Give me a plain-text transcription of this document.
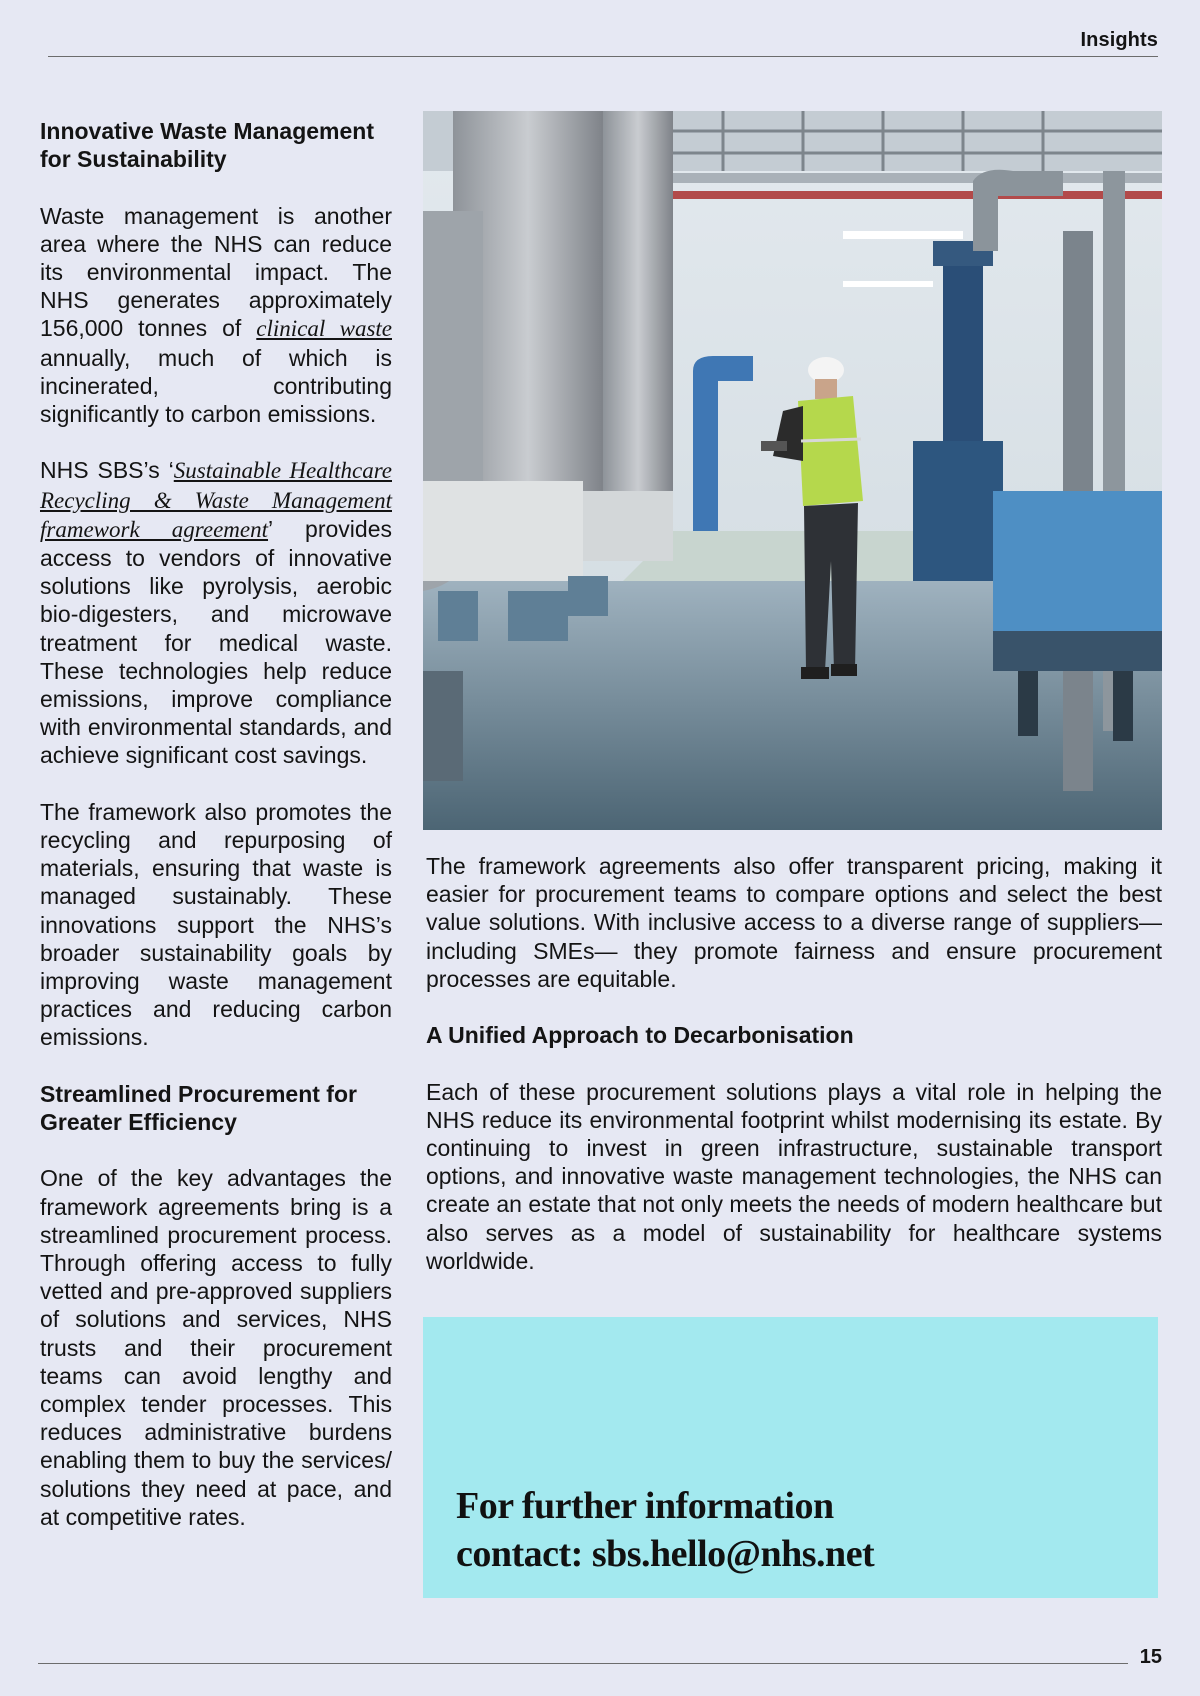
Insights
Innovative Waste Management for Sustainability

Waste management is another area where the NHS can reduce its environmental impact. The NHS generates approximately 156,000 tonnes of clinical waste annually, much of which is incinerated, contributing significantly to carbon emissions.

NHS SBS’s ‘Sustainable Healthcare Recycling & Waste Management framework agreement’ provides access to vendors of innovative solutions like pyrolysis, aerobic bio-digesters, and microwave treatment for medical waste. These technologies help reduce emissions, improve compliance with environmental standards, and achieve significant cost savings.

The framework also promotes the recycling and repurposing of materials, ensuring that waste is managed sustainably. These innovations support the NHS’s broader sustainability goals by improving waste management practices and reducing carbon emissions.

Streamlined Procurement for Greater Efficiency

One of the key advantages the framework agreements bring is a streamlined procurement process. Through offering access to fully vetted and pre-approved suppliers of solutions and services, NHS trusts and their procurement teams can avoid lengthy and complex tender processes. This reduces administrative burdens enabling them to buy the services/ solutions they need at pace, and at competitive rates.

The framework agreements also offer transparent pricing, making it easier for procurement teams to compare options and select the best value solutions. With inclusive access to a diverse range of suppliers—including SMEs— they promote fairness and ensure procurement processes are equitable.

A Unified Approach to Decarbonisation

Each of these procurement solutions plays a vital role in helping the NHS reduce its environmental footprint whilst modernising its estate. By continuing to invest in green infrastructure, sustainable transport options, and innovative waste management technologies, the NHS can create an estate that not only meets the needs of modern healthcare but also serves as a model of sustainability for healthcare systems worldwide.

For further information
contact: sbs.hello@nhs.net
15
